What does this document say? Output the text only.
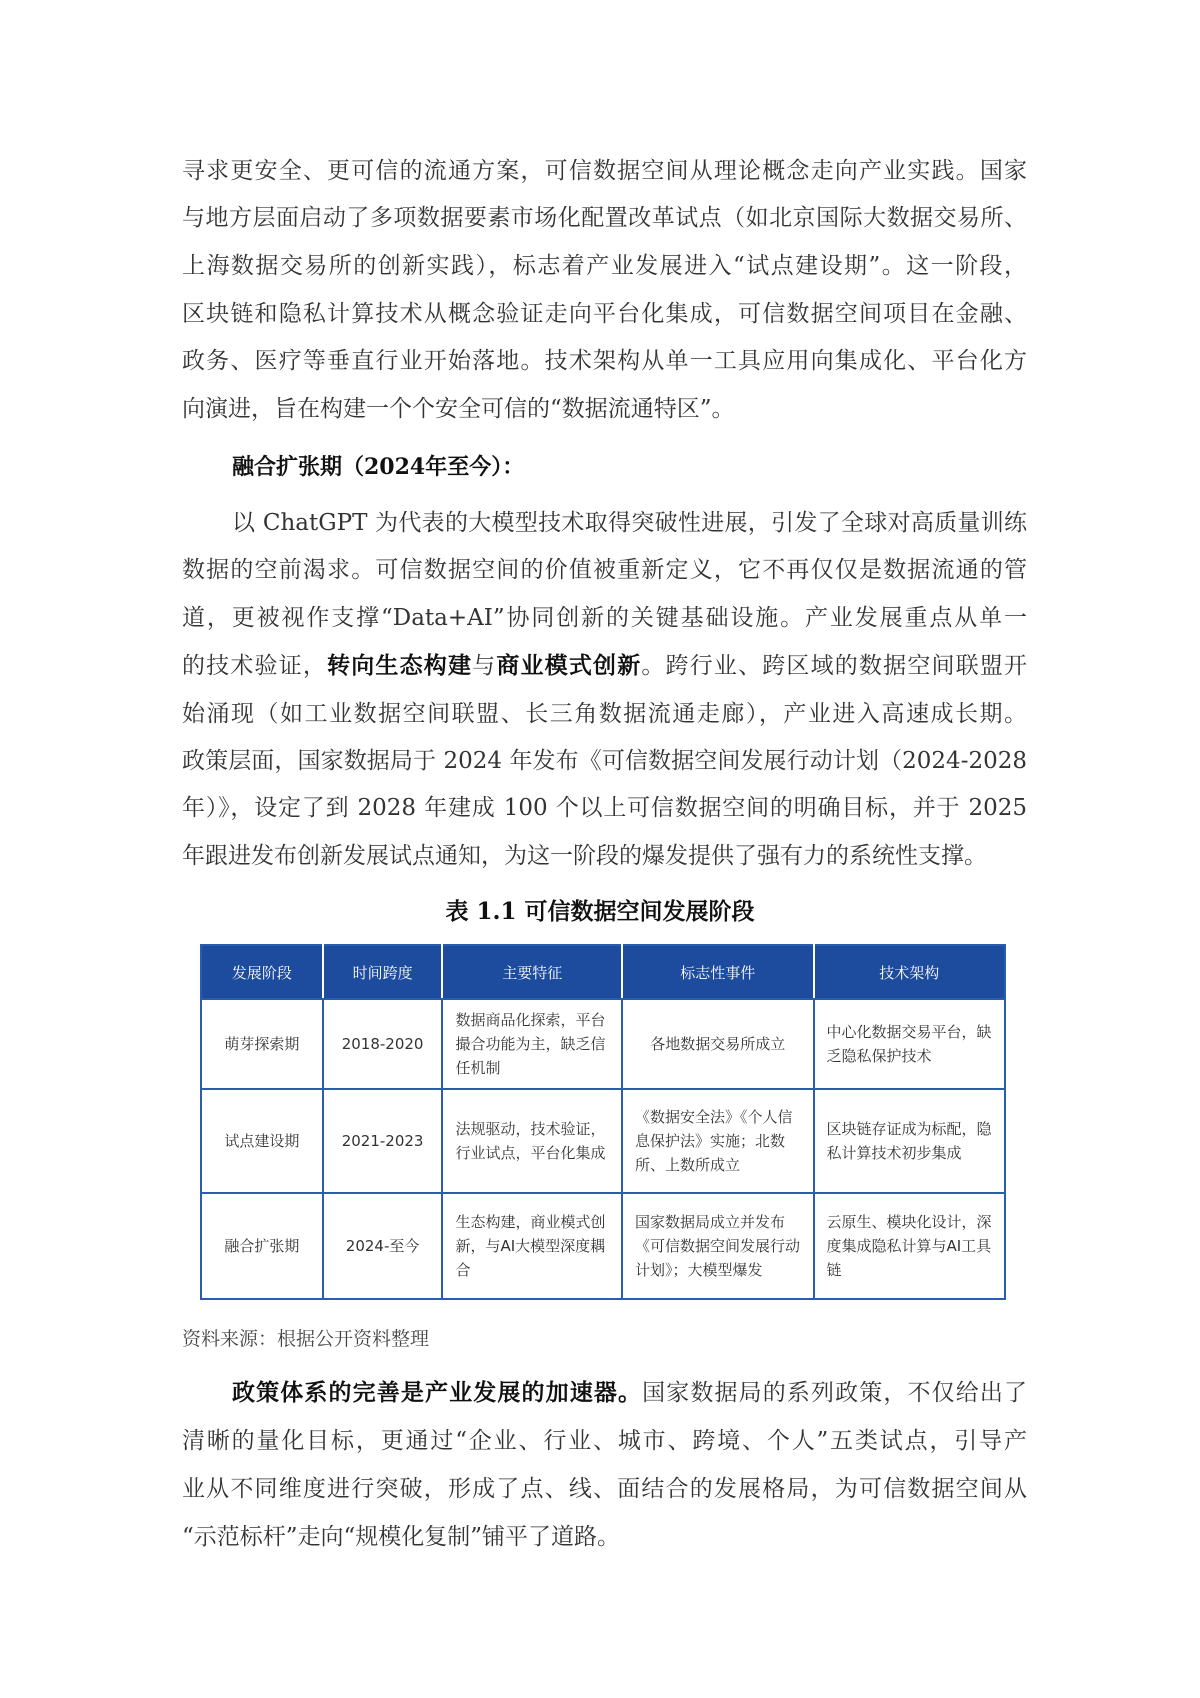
寻求更安全、更可信的流通方案，可信数据空间从理论概念走向产业实践。国家
与地方层面启动了多项数据要素市场化配置改革试点（如北京国际大数据交易所、
上海数据交易所的创新实践），标志着产业发展进入“试点建设期”。这一阶段，
区块链和隐私计算技术从概念验证走向平台化集成，可信数据空间项目在金融、
政务、医疗等垂直行业开始落地。技术架构从单一工具应用向集成化、平台化方
向演进，旨在构建一个个安全可信的“数据流通特区”。
融合扩张期（2024年至今）：
以 ChatGPT 为代表的大模型技术取得突破性进展，引发了全球对高质量训练
数据的空前渴求。可信数据空间的价值被重新定义，它不再仅仅是数据流通的管
道，更被视作支撑“Data+AI”协同创新的关键基础设施。产业发展重点从单一
的技术验证，转向生态构建与商业模式创新。跨行业、跨区域的数据空间联盟开
始涌现（如工业数据空间联盟、长三角数据流通走廊），产业进入高速成长期。
政策层面，国家数据局于 2024 年发布《可信数据空间发展行动计划（2024-2028
年）》，设定了到 2028 年建成 100 个以上可信数据空间的明确目标，并于 2025
年跟进发布创新发展试点通知，为这一阶段的爆发提供了强有力的系统性支撑。
表 1.1 可信数据空间发展阶段
发展阶段	时间跨度	主要特征	标志性事件	技术架构
萌芽探索期	2018-2020	数据商品化探索，平台撮合功能为主，缺乏信任机制	各地数据交易所成立	中心化数据交易平台，缺乏隐私保护技术
试点建设期	2021-2023	法规驱动，技术验证，行业试点，平台化集成	《数据安全法》《个人信息保护法》实施；北数所、上数所成立	区块链存证成为标配，隐私计算技术初步集成
融合扩张期	2024-至今	生态构建，商业模式创新，与AI大模型深度耦合	国家数据局成立并发布《可信数据空间发展行动计划》；大模型爆发	云原生、模块化设计，深度集成隐私计算与AI工具链
资料来源：根据公开资料整理
政策体系的完善是产业发展的加速器。国家数据局的系列政策，不仅给出了
清晰的量化目标，更通过“企业、行业、城市、跨境、个人”五类试点，引导产
业从不同维度进行突破，形成了点、线、面结合的发展格局，为可信数据空间从
“示范标杆”走向“规模化复制”铺平了道路。
